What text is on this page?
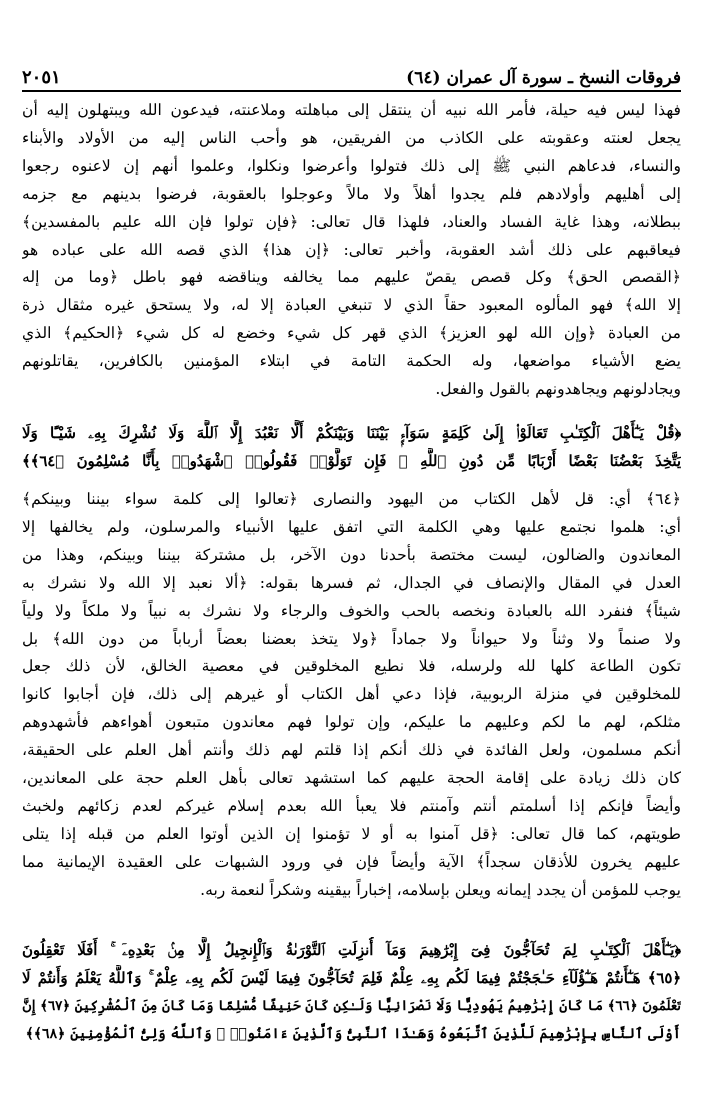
فروقات النسخ ـ سورة آل عمران (٦٤)
٢٠٥١
فهذا ليس فيه حيلة، فأمر الله نبيه أن ينتقل إلى مباهلته وملاعنته، فيدعون الله ويبتهلون إليه أن
يجعل لعنته وعقوبته على الكاذب من الفريقين، هو وأحب الناس إليه من الأولاد والأبناء
والنساء، فدعاهم النبي ﷺ إلى ذلك فتولوا وأعرضوا ونكلوا، وعلموا أنهم إن لاعنوه رجعوا
إلى أهليهم وأولادهم فلم يجدوا أهلاً ولا مالاً وعوجلوا بالعقوبة، فرضوا بدينهم مع جزمه
ببطلانه، وهذا غاية الفساد والعناد، فلهذا قال تعالى: ﴿فإن تولوا فإن الله عليم بالمفسدين﴾
فيعاقبهم على ذلك أشد العقوبة، وأخبر تعالى: ﴿إن هذا﴾ الذي قصه الله على عباده هو
﴿القصص الحق﴾ وكل قصص يقصّ عليهم مما يخالفه ويناقضه فهو باطل ﴿وما من إله
إلا الله﴾ فهو المألوه المعبود حقاً الذي لا تنبغي العبادة إلا له، ولا يستحق غيره مثقال ذرة
من العبادة ﴿وإن الله لهو العزيز﴾ الذي قهر كل شيء وخضع له كل شيء ﴿الحكيم﴾ الذي
يضع الأشياء مواضعها، وله الحكمة التامة في ابتلاء المؤمنين بالكافرين، يقاتلونهم
ويجادلونهم ويجاهدونهم بالقول والفعل.
﴿قُلْ يَـٰٓأَهْلَ ٱلْكِتَـٰبِ تَعَالَوْا۟ إِلَىٰ كَلِمَةٍ سَوَآءٍۭ بَيْنَنَا وَبَيْنَكُمْ أَلَّا نَعْبُدَ إِلَّا ٱللَّهَ وَلَا نُشْرِكَ بِهِۦ شَيْـًٔا وَلَا
يَتَّخِذَ بَعْضُنَا بَعْضًا أَرْبَابًا مِّن دُونِ ٱللَّهِ ۚ فَإِن تَوَلَّوْا۟ فَقُولُوا۟ ٱشْهَدُوا۟ بِأَنَّا مُسْلِمُونَ ﴿٦٤﴾﴾
﴿٦٤﴾ أي: قل لأهل الكتاب من اليهود والنصارى ﴿تعالوا إلى كلمة سواء بيننا وبينكم﴾
أي: هلموا نجتمع عليها وهي الكلمة التي اتفق عليها الأنبياء والمرسلون، ولم يخالفها إلا
المعاندون والضالون، ليست مختصة بأحدنا دون الآخر، بل مشتركة بيننا وبينكم، وهذا من
العدل في المقال والإنصاف في الجدال، ثم فسرها بقوله: ﴿ألا نعبد إلا الله ولا نشرك به
شيئاً﴾ فنفرد الله بالعبادة ونخصه بالحب والخوف والرجاء ولا نشرك به نبياً ولا ملكاً ولا ولياً
ولا صنماً ولا وثناً ولا حيواناً ولا جماداً ﴿ولا يتخذ بعضنا بعضاً أرباباً من دون الله﴾ بل
تكون الطاعة كلها لله ولرسله، فلا نطيع المخلوقين في معصية الخالق، لأن ذلك جعل
للمخلوقين في منزلة الربوبية، فإذا دعي أهل الكتاب أو غيرهم إلى ذلك، فإن أجابوا كانوا
مثلكم، لهم ما لكم وعليهم ما عليكم، وإن تولوا فهم معاندون متبعون أهواءهم فأشهدوهم
أنكم مسلمون، ولعل الفائدة في ذلك أنكم إذا قلتم لهم ذلك وأنتم أهل العلم على الحقيقة،
كان ذلك زيادة على إقامة الحجة عليهم كما استشهد تعالى بأهل العلم حجة على المعاندين،
وأيضاً فإنكم إذا أسلمتم أنتم وآمنتم فلا يعبأ الله بعدم إسلام غيركم لعدم زكائهم ولخبث
طويتهم، كما قال تعالى: ﴿قل آمنوا به أو لا تؤمنوا إن الذين أوتوا العلم من قبله إذا يتلى
عليهم يخرون للأذقان سجداً﴾ الآية وأيضاً فإن في ورود الشبهات على العقيدة الإيمانية مما
يوجب للمؤمن أن يجدد إيمانه ويعلن بإسلامه، إخباراً بيقينه وشكراً لنعمة ربه.
﴿يَـٰٓأَهْلَ ٱلْكِتَـٰبِ لِمَ تُحَآجُّونَ فِىٓ إِبْرَٰهِيمَ وَمَآ أُنزِلَتِ ٱلتَّوْرَىٰةُ وَٱلْإِنجِيلُ إِلَّا مِنۢ بَعْدِهِۦٓ ۚ أَفَلَا تَعْقِلُونَ
﴿٦٥﴾ هَـٰٓأَنتُمْ هَـٰٓؤُلَآءِ حَـٰجَجْتُمْ فِيمَا لَكُم بِهِۦ عِلْمٌ فَلِمَ تُحَآجُّونَ فِيمَا لَيْسَ لَكُم بِهِۦ عِلْمٌ ۚ وَٱللَّهُ يَعْلَمُ وَأَنتُمْ لَا
تَعْلَمُونَ ﴿٦٦﴾ مَا كَانَ إِبْرَٰهِيمُ يَهُودِيًّا وَلَا نَصْرَانِيًّا وَلَـٰكِن كَانَ حَنِيفًا مُّسْلِمًا وَمَا كَانَ مِنَ ٱلْمُشْرِكِينَ ﴿٦٧﴾ إِنَّ
أَوْلَى ٱلنَّاسِ بِإِبْرَٰهِيمَ لَلَّذِينَ ٱتَّبَعُوهُ وَهَـٰذَا ٱلنَّبِىُّ وَٱلَّذِينَ ءَامَنُوا۟ ۗ وَٱللَّهُ وَلِىُّ ٱلْمُؤْمِنِينَ ﴿٦٨﴾﴾
